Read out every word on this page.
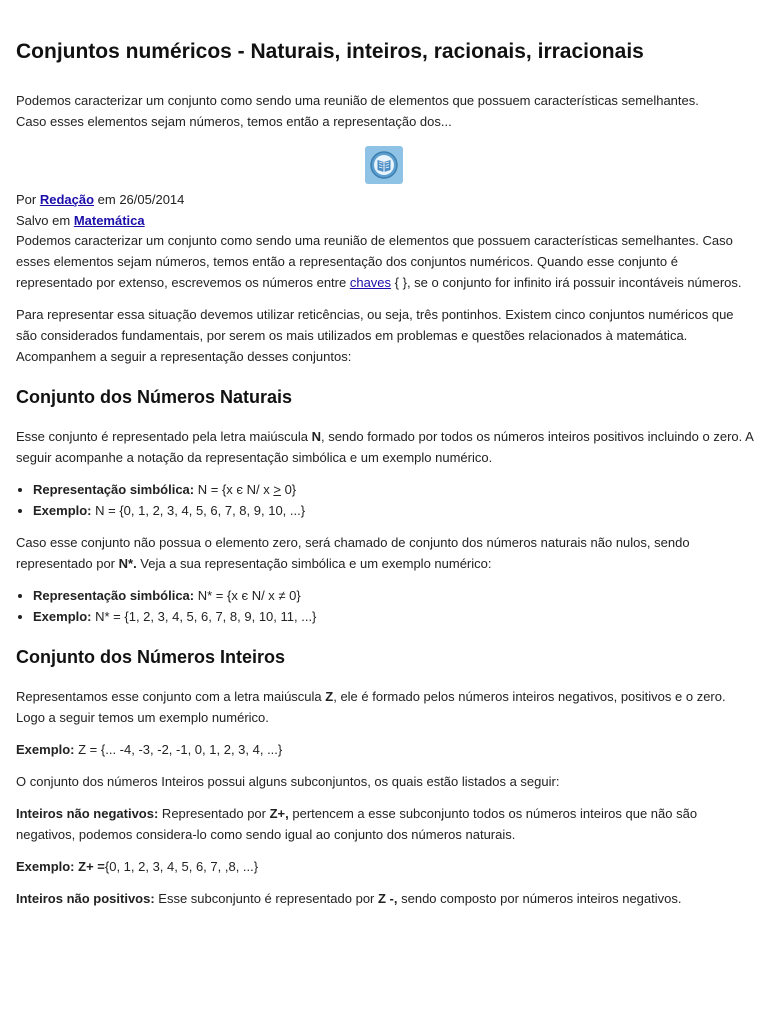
Conjuntos numéricos - Naturais, inteiros, racionais, irracionais

Podemos caracterizar um conjunto como sendo uma reunião de elementos que possuem características semelhantes.
Caso esses elementos sejam números, temos então a representação dos...

Por Redação em 26/05/2014
Salvo em Matemática

Podemos caracterizar um conjunto como sendo uma reunião de elementos que possuem características semelhantes. Caso esses elementos sejam números, temos então a representação dos conjuntos numéricos. Quando esse conjunto é representado por extenso, escrevemos os números entre chaves { }, se o conjunto for infinito irá possuir incontáveis números.

Para representar essa situação devemos utilizar reticências, ou seja, três pontinhos. Existem cinco conjuntos numéricos que são considerados fundamentais, por serem os mais utilizados em problemas e questões relacionados à matemática. Acompanhem a seguir a representação desses conjuntos:

Conjunto dos Números Naturais

Esse conjunto é representado pela letra maiúscula N, sendo formado por todos os números inteiros positivos incluindo o zero. A seguir acompanhe a notação da representação simbólica e um exemplo numérico.

• Representação simbólica: N = {x є N/ x ≥ 0}
• Exemplo: N = {0, 1, 2, 3, 4, 5, 6, 7, 8, 9, 10, ...}

Caso esse conjunto não possua o elemento zero, será chamado de conjunto dos números naturais não nulos, sendo representado por N*. Veja a sua representação simbólica e um exemplo numérico:

• Representação simbólica: N* = {x є N/ x ≠ 0}
• Exemplo: N* = {1, 2, 3, 4, 5, 6, 7, 8, 9, 10, 11, ...}
Conjunto dos Números Inteiros

Representamos esse conjunto com a letra maiúscula Z, ele é formado pelos números inteiros negativos, positivos e o zero. Logo a seguir temos um exemplo numérico.

Exemplo: Z = {... -4, -3, -2, -1, 0, 1, 2, 3, 4, ...}

O conjunto dos números Inteiros possui alguns subconjuntos, os quais estão listados a seguir:

Inteiros não negativos: Representado por Z+, pertencem a esse subconjunto todos os números inteiros que não são negativos, podemos considera-lo como sendo igual ao conjunto dos números naturais.

Exemplo: Z+ ={0, 1, 2, 3, 4, 5, 6, 7, ,8, ...}

Inteiros não positivos: Esse subconjunto é representado por Z -, sendo composto por números inteiros negativos.
